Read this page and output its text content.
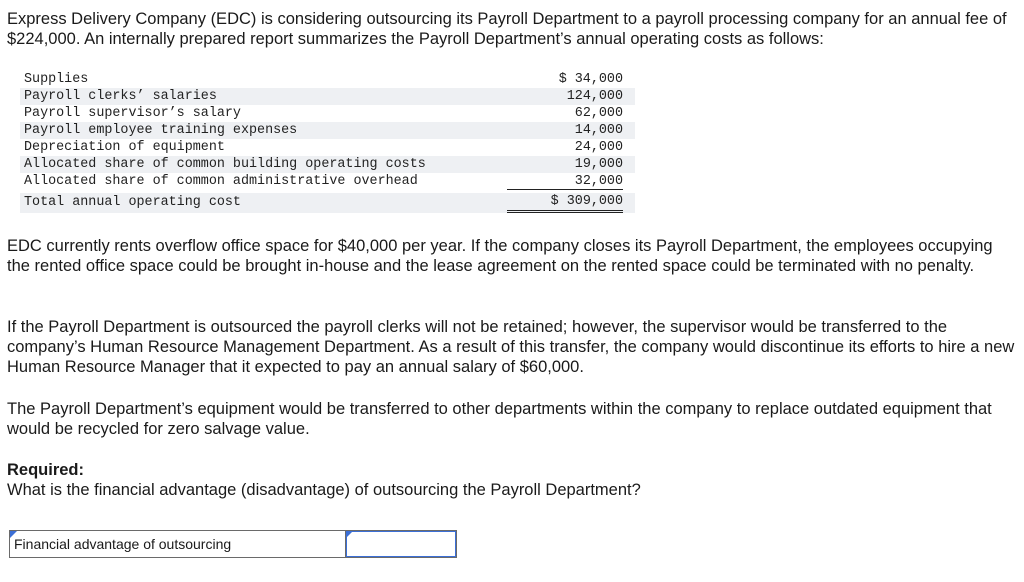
Express Delivery Company (EDC) is considering outsourcing its Payroll Department to a payroll processing company for an annual fee of $224,000. An internally prepared report summarizes the Payroll Department’s annual operating costs as follows:

Supplies	$ 34,000
Payroll clerks’ salaries	124,000
Payroll supervisor’s salary	62,000
Payroll employee training expenses	14,000
Depreciation of equipment	24,000
Allocated share of common building operating costs	19,000
Allocated share of common administrative overhead	32,000
Total annual operating cost	$ 309,000

EDC currently rents overflow office space for $40,000 per year. If the company closes its Payroll Department, the employees occupying the rented office space could be brought in-house and the lease agreement on the rented space could be terminated with no penalty.

If the Payroll Department is outsourced the payroll clerks will not be retained; however, the supervisor would be transferred to the company’s Human Resource Management Department. As a result of this transfer, the company would discontinue its efforts to hire a new Human Resource Manager that it expected to pay an annual salary of $60,000.

The Payroll Department’s equipment would be transferred to other departments within the company to replace outdated equipment that would be recycled for zero salvage value.

Required:

What is the financial advantage (disadvantage) of outsourcing the Payroll Department?

Financial advantage of outsourcing
